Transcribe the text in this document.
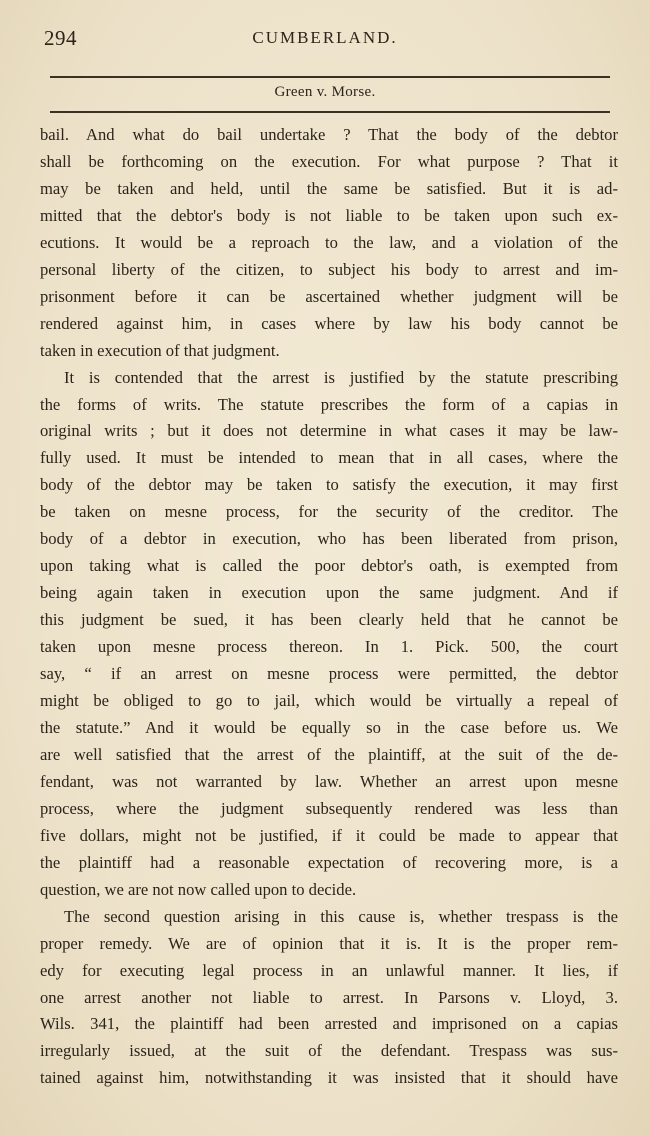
294	CUMBERLAND.
Green v. Morse.
bail. And what do bail undertake ? That the body of the debtor
shall be forthcoming on the execution. For what purpose ? That it
may be taken and held, until the same be satisfied. But it is ad-
mitted that the debtor's body is not liable to be taken upon such ex-
ecutions. It would be a reproach to the law, and a violation of the
personal liberty of the citizen, to subject his body to arrest and im-
prisonment before it can be ascertained whether judgment will be
rendered against him, in cases where by law his body cannot be
taken in execution of that judgment.
It is contended that the arrest is justified by the statute prescribing
the forms of writs. The statute prescribes the form of a capias in
original writs ; but it does not determine in what cases it may be law-
fully used. It must be intended to mean that in all cases, where the
body of the debtor may be taken to satisfy the execution, it may first
be taken on mesne process, for the security of the creditor. The
body of a debtor in execution, who has been liberated from prison,
upon taking what is called the poor debtor's oath, is exempted from
being again taken in execution upon the same judgment. And if
this judgment be sued, it has been clearly held that he cannot be
taken upon mesne process thereon. In 1. Pick. 500, the court
say, “ if an arrest on mesne process were permitted, the debtor
might be obliged to go to jail, which would be virtually a repeal of
the statute.” And it would be equally so in the case before us. We
are well satisfied that the arrest of the plaintiff, at the suit of the de-
fendant, was not warranted by law. Whether an arrest upon mesne
process, where the judgment subsequently rendered was less than
five dollars, might not be justified, if it could be made to appear that
the plaintiff had a reasonable expectation of recovering more, is a
question, we are not now called upon to decide.
The second question arising in this cause is, whether trespass is the
proper remedy. We are of opinion that it is. It is the proper rem-
edy for executing legal process in an unlawful manner. It lies, if
one arrest another not liable to arrest. In Parsons v. Lloyd, 3.
Wils. 341, the plaintiff had been arrested and imprisoned on a capias
irregularly issued, at the suit of the defendant. Trespass was sus-
tained against him, notwithstanding it was insisted that it should have
